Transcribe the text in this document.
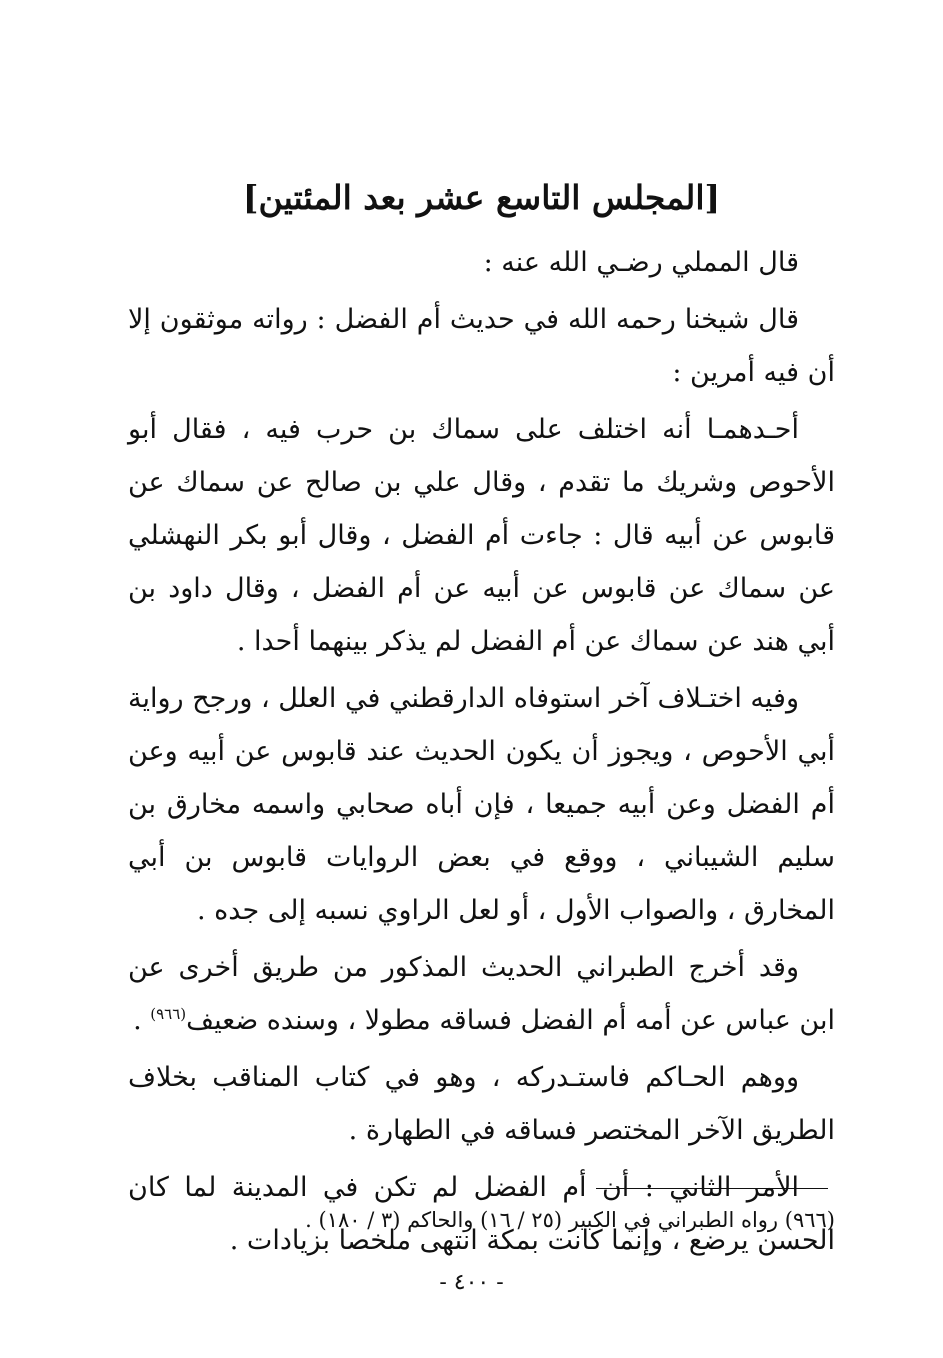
[المجلس التاسع عشر بعد المئتين]

قال المملي رضـي الله عنه :

قال شيخنا رحمه الله في حديث أم الفضل : رواته موثقون إلا أن فيه أمرين :

أحـدهمـا أنه اختلف على سماك بن حرب فيه ، فقال أبو الأحوص وشريك ما تقدم ، وقال علي بن صالح عن سماك عن قابوس عن أبيه قال : جاءت أم الفضل ، وقال أبو بكر النهشلي عن سماك عن قابوس عن أبيه عن أم الفضل ، وقال داود بن أبي هند عن سماك عن أم الفضل لم يذكر بينهما أحدا .

وفيه اختـلاف آخر استوفاه الدارقطني في العلل ، ورجح رواية أبي الأحوص ، ويجوز أن يكون الحديث عند قابوس عن أبيه وعن أم الفضل وعن أبيه جميعا ، فإن أباه صحابي واسمه مخارق بن سليم الشيباني ، ووقع في بعض الروايات قابوس بن أبي المخارق ، والصواب الأول ، أو لعل الراوي نسبه إلى جده .

وقد أخرج الطبراني الحديث المذكور من طريق أخرى عن ابن عباس عن أمه أم الفضل فساقه مطولا ، وسنده ضعيف$^{(٩٦٦)}$ .

ووهم الحـاكم فاستـدركه ، وهو في كتاب المناقب بخلاف الطريق الآخر المختصر فساقه في الطهارة .

الأمر الثاني : أن أم الفضل لم تكن في المدينة لما كان الحسن يرضع ، وإنما كانت بمكة انتهى ملخصا بزيادات .

(٩٦٦) رواه الطبراني في الكبير (٢٥ / ١٦) والحاكم (٣ / ١٨٠) .
- ٤٠٠ -
